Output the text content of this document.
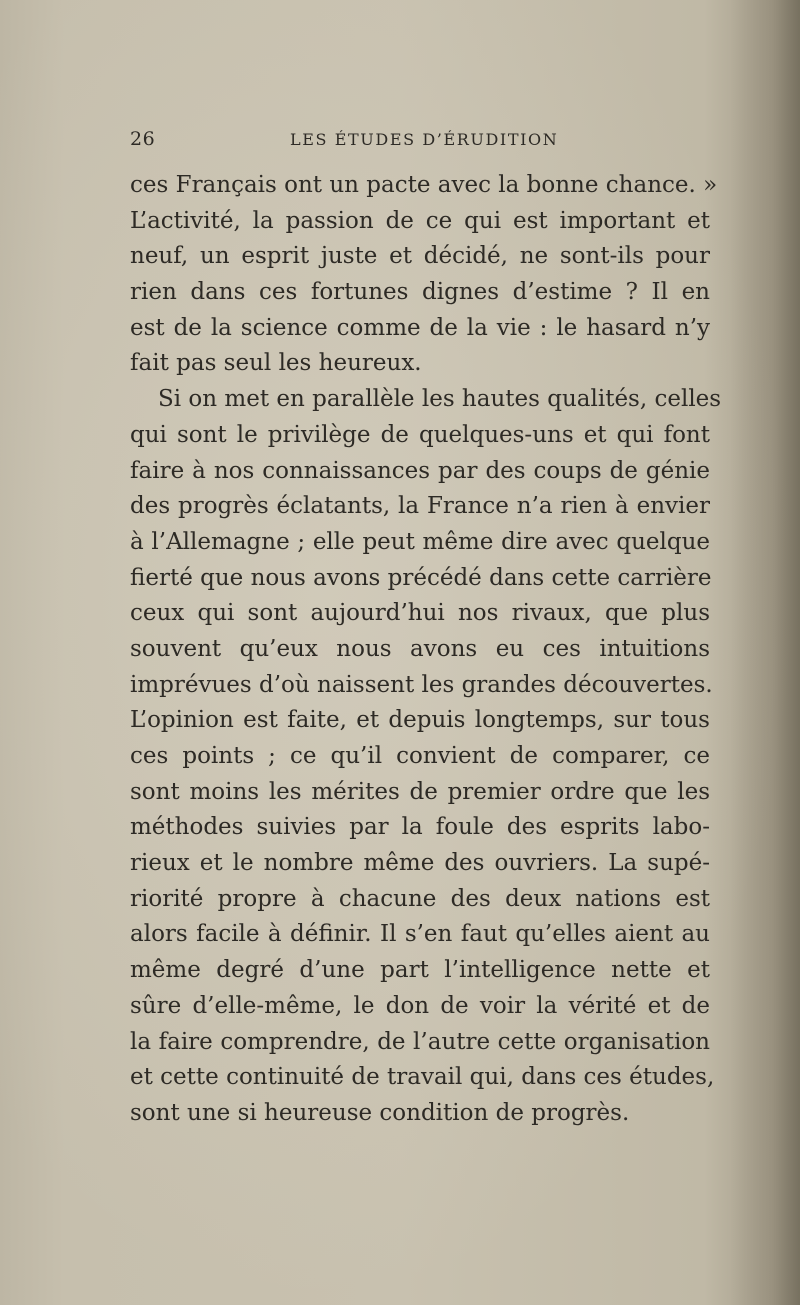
26	LES ÉTUDES D’ÉRUDITION
ces Français ont un pacte avec la bonne chance. »
L’activité, la passion de ce qui est important et
neuf, un esprit juste et décidé, ne sont-ils pour
rien dans ces fortunes dignes d’estime ? Il en
est de la science comme de la vie : le hasard n’y
fait pas seul les heureux.
Si on met en parallèle les hautes qualités, celles
qui sont le privilège de quelques-uns et qui font
faire à nos connaissances par des coups de génie
des progrès éclatants, la France n’a rien à envier
à l’Allemagne ; elle peut même dire avec quelque
fierté que nous avons précédé dans cette carrière
ceux qui sont aujourd’hui nos rivaux, que plus
souvent qu’eux nous avons eu ces intuitions
imprévues d’où naissent les grandes découvertes.
L’opinion est faite, et depuis longtemps, sur tous
ces points ; ce qu’il convient de comparer, ce
sont moins les mérites de premier ordre que les
méthodes suivies par la foule des esprits labo-
rieux et le nombre même des ouvriers. La supé-
riorité propre à chacune des deux nations est
alors facile à définir. Il s’en faut qu’elles aient au
même degré d’une part l’intelligence nette et
sûre d’elle-même, le don de voir la vérité et de
la faire comprendre, de l’autre cette organisation
et cette continuité de travail qui, dans ces études,
sont une si heureuse condition de progrès.
